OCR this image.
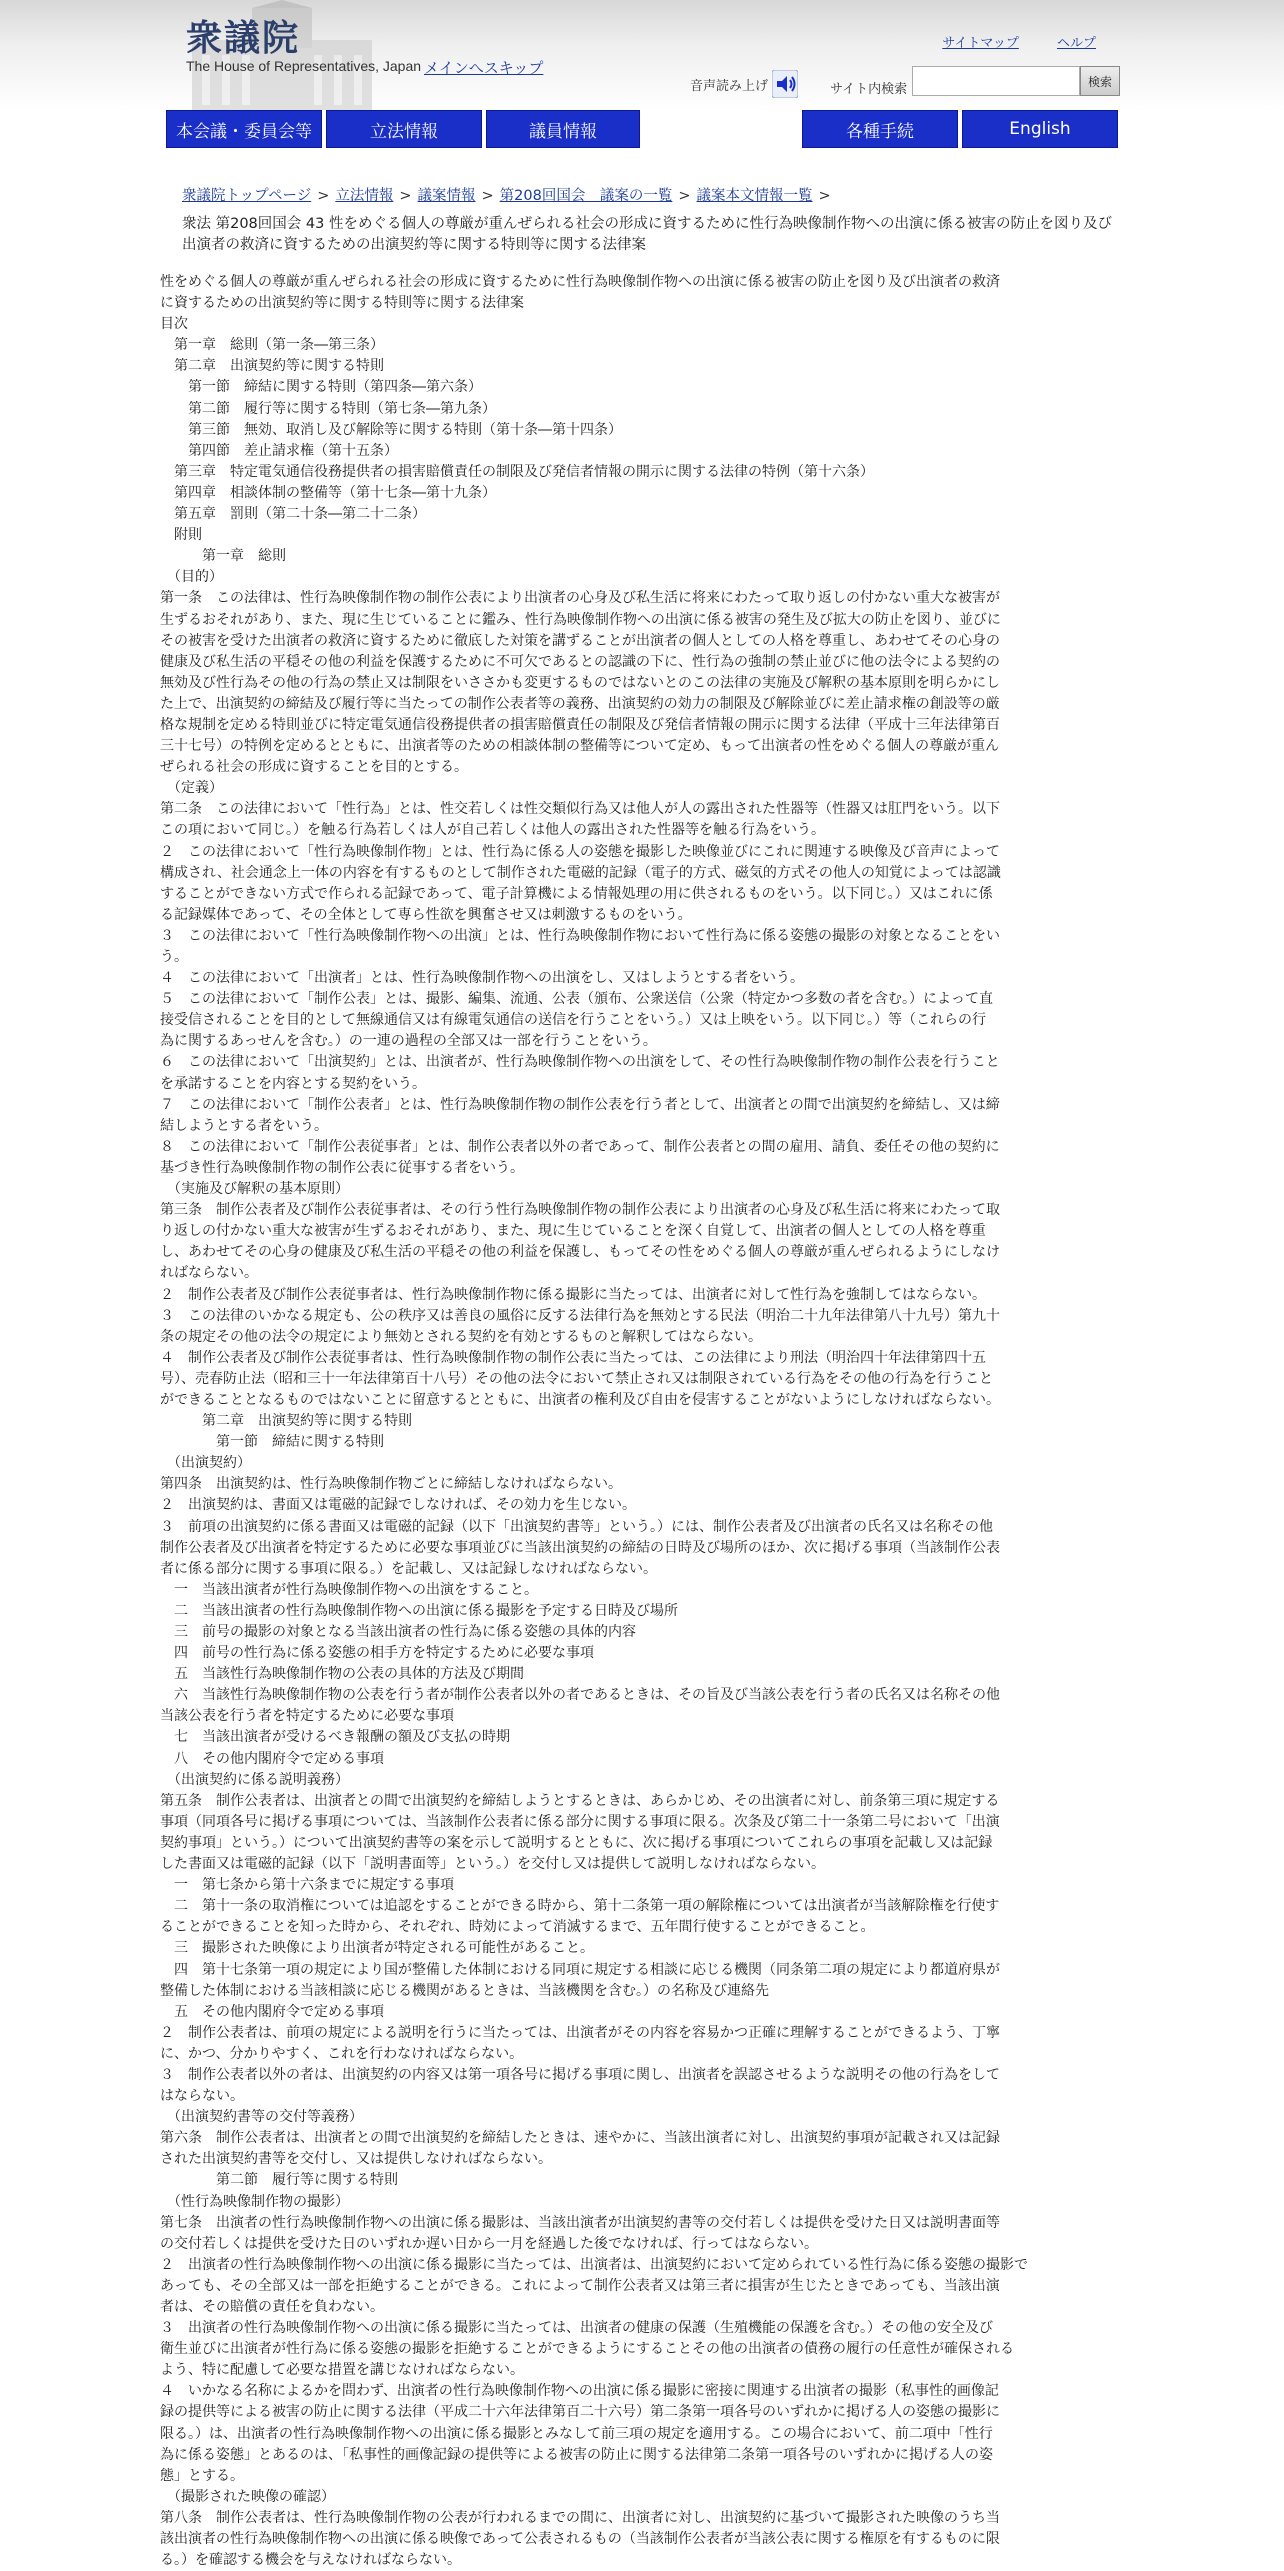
衆議院
The House of Representatives, Japan メインへスキップ
サイトマップ	ヘルプ
音声読み上げ	サイト内検索
検索
本会議・委員会等	立法情報	議員情報	各種手続	English
衆議院トップページ > 立法情報 > 議案情報 > 第208回国会　議案の一覧 > 議案本文情報一覧 >
衆法 第208回国会 43 性をめぐる個人の尊厳が重んぜられる社会の形成に資するために性行為映像制作物への出演に係る被害の防止を図り及び出演者の救済に資するための出演契約等に関する特則等に関する法律案

性をめぐる個人の尊厳が重んぜられる社会の形成に資するために性行為映像制作物への出演に係る被害の防止を図り及び出演者の救済

に資するための出演契約等に関する特則等に関する法律案

目次

　第一章　総則（第一条―第三条）

　第二章　出演契約等に関する特則

　　第一節　締結に関する特則（第四条―第六条）

　　第二節　履行等に関する特則（第七条―第九条）

　　第三節　無効、取消し及び解除等に関する特則（第十条―第十四条）

　　第四節　差止請求権（第十五条）

　第三章　特定電気通信役務提供者の損害賠償責任の制限及び発信者情報の開示に関する法律の特例（第十六条）

　第四章　相談体制の整備等（第十七条―第十九条）

　第五章　罰則（第二十条―第二十二条）

　附則

　　　第一章　総則

　（目的）

第一条　この法律は、性行為映像制作物の制作公表により出演者の心身及び私生活に将来にわたって取り返しの付かない重大な被害が

生ずるおそれがあり、また、現に生じていることに鑑み、性行為映像制作物への出演に係る被害の発生及び拡大の防止を図り、並びに

その被害を受けた出演者の救済に資するために徹底した対策を講ずることが出演者の個人としての人格を尊重し、あわせてその心身の

健康及び私生活の平穏その他の利益を保護するために不可欠であるとの認識の下に、性行為の強制の禁止並びに他の法令による契約の

無効及び性行為その他の行為の禁止又は制限をいささかも変更するものではないとのこの法律の実施及び解釈の基本原則を明らかにし

た上で、出演契約の締結及び履行等に当たっての制作公表者等の義務、出演契約の効力の制限及び解除並びに差止請求権の創設等の厳

格な規制を定める特則並びに特定電気通信役務提供者の損害賠償責任の制限及び発信者情報の開示に関する法律（平成十三年法律第百

三十七号）の特例を定めるとともに、出演者等のための相談体制の整備等について定め、もって出演者の性をめぐる個人の尊厳が重ん

ぜられる社会の形成に資することを目的とする。

　（定義）

第二条　この法律において「性行為」とは、性交若しくは性交類似行為又は他人が人の露出された性器等（性器又は肛門をいう。以下

この項において同じ。）を触る行為若しくは人が自己若しくは他人の露出された性器等を触る行為をいう。

２　この法律において「性行為映像制作物」とは、性行為に係る人の姿態を撮影した映像並びにこれに関連する映像及び音声によって

構成され、社会通念上一体の内容を有するものとして制作された電磁的記録（電子的方式、磁気的方式その他人の知覚によっては認識

することができない方式で作られる記録であって、電子計算機による情報処理の用に供されるものをいう。以下同じ。）又はこれに係

る記録媒体であって、その全体として専ら性欲を興奮させ又は刺激するものをいう。

３　この法律において「性行為映像制作物への出演」とは、性行為映像制作物において性行為に係る姿態の撮影の対象となることをい

う。

４　この法律において「出演者」とは、性行為映像制作物への出演をし、又はしようとする者をいう。

５　この法律において「制作公表」とは、撮影、編集、流通、公表（頒布、公衆送信（公衆（特定かつ多数の者を含む。）によって直

接受信されることを目的として無線通信又は有線電気通信の送信を行うことをいう。）又は上映をいう。以下同じ。）等（これらの行

為に関するあっせんを含む。）の一連の過程の全部又は一部を行うことをいう。

６　この法律において「出演契約」とは、出演者が、性行為映像制作物への出演をして、その性行為映像制作物の制作公表を行うこと

を承諾することを内容とする契約をいう。

７　この法律において「制作公表者」とは、性行為映像制作物の制作公表を行う者として、出演者との間で出演契約を締結し、又は締

結しようとする者をいう。

８　この法律において「制作公表従事者」とは、制作公表者以外の者であって、制作公表者との間の雇用、請負、委任その他の契約に

基づき性行為映像制作物の制作公表に従事する者をいう。

　（実施及び解釈の基本原則）

第三条　制作公表者及び制作公表従事者は、その行う性行為映像制作物の制作公表により出演者の心身及び私生活に将来にわたって取

り返しの付かない重大な被害が生ずるおそれがあり、また、現に生じていることを深く自覚して、出演者の個人としての人格を尊重

し、あわせてその心身の健康及び私生活の平穏その他の利益を保護し、もってその性をめぐる個人の尊厳が重んぜられるようにしなけ

ればならない。

２　制作公表者及び制作公表従事者は、性行為映像制作物に係る撮影に当たっては、出演者に対して性行為を強制してはならない。

３　この法律のいかなる規定も、公の秩序又は善良の風俗に反する法律行為を無効とする民法（明治二十九年法律第八十九号）第九十

条の規定その他の法令の規定により無効とされる契約を有効とするものと解釈してはならない。

４　制作公表者及び制作公表従事者は、性行為映像制作物の制作公表に当たっては、この法律により刑法（明治四十年法律第四十五

号）、売春防止法（昭和三十一年法律第百十八号）その他の法令において禁止され又は制限されている行為をその他の行為を行うこと

ができることとなるものではないことに留意するとともに、出演者の権利及び自由を侵害することがないようにしなければならない。

　　　第二章　出演契約等に関する特則

　　　　第一節　締結に関する特則

　（出演契約）

第四条　出演契約は、性行為映像制作物ごとに締結しなければならない。

２　出演契約は、書面又は電磁的記録でしなければ、その効力を生じない。

３　前項の出演契約に係る書面又は電磁的記録（以下「出演契約書等」という。）には、制作公表者及び出演者の氏名又は名称その他

制作公表者及び出演者を特定するために必要な事項並びに当該出演契約の締結の日時及び場所のほか、次に掲げる事項（当該制作公表

者に係る部分に関する事項に限る。）を記載し、又は記録しなければならない。

　一　当該出演者が性行為映像制作物への出演をすること。

　二　当該出演者の性行為映像制作物への出演に係る撮影を予定する日時及び場所

　三　前号の撮影の対象となる当該出演者の性行為に係る姿態の具体的内容

　四　前号の性行為に係る姿態の相手方を特定するために必要な事項

　五　当該性行為映像制作物の公表の具体的方法及び期間

　六　当該性行為映像制作物の公表を行う者が制作公表者以外の者であるときは、その旨及び当該公表を行う者の氏名又は名称その他

当該公表を行う者を特定するために必要な事項

　七　当該出演者が受けるべき報酬の額及び支払の時期

　八　その他内閣府令で定める事項

　（出演契約に係る説明義務）

第五条　制作公表者は、出演者との間で出演契約を締結しようとするときは、あらかじめ、その出演者に対し、前条第三項に規定する

事項（同項各号に掲げる事項については、当該制作公表者に係る部分に関する事項に限る。次条及び第二十一条第二号において「出演

契約事項」という。）について出演契約書等の案を示して説明するとともに、次に掲げる事項についてこれらの事項を記載し又は記録

した書面又は電磁的記録（以下「説明書面等」という。）を交付し又は提供して説明しなければならない。

　一　第七条から第十六条までに規定する事項

　二　第十一条の取消権については追認をすることができる時から、第十二条第一項の解除権については出演者が当該解除権を行使す

ることができることを知った時から、それぞれ、時効によって消滅するまで、五年間行使することができること。

　三　撮影された映像により出演者が特定される可能性があること。

　四　第十七条第一項の規定により国が整備した体制における同項に規定する相談に応じる機関（同条第二項の規定により都道府県が

整備した体制における当該相談に応じる機関があるときは、当該機関を含む。）の名称及び連絡先

　五　その他内閣府令で定める事項

２　制作公表者は、前項の規定による説明を行うに当たっては、出演者がその内容を容易かつ正確に理解することができるよう、丁寧

に、かつ、分かりやすく、これを行わなければならない。

３　制作公表者以外の者は、出演契約の内容又は第一項各号に掲げる事項に関し、出演者を誤認させるような説明その他の行為をして

はならない。

　（出演契約書等の交付等義務）

第六条　制作公表者は、出演者との間で出演契約を締結したときは、速やかに、当該出演者に対し、出演契約事項が記載され又は記録

された出演契約書等を交付し、又は提供しなければならない。

　　　　第二節　履行等に関する特則

　（性行為映像制作物の撮影）

第七条　出演者の性行為映像制作物への出演に係る撮影は、当該出演者が出演契約書等の交付若しくは提供を受けた日又は説明書面等

の交付若しくは提供を受けた日のいずれか遅い日から一月を経過した後でなければ、行ってはならない。

２　出演者の性行為映像制作物への出演に係る撮影に当たっては、出演者は、出演契約において定められている性行為に係る姿態の撮影で

あっても、その全部又は一部を拒絶することができる。これによって制作公表者又は第三者に損害が生じたときであっても、当該出演

者は、その賠償の責任を負わない。

３　出演者の性行為映像制作物への出演に係る撮影に当たっては、出演者の健康の保護（生殖機能の保護を含む。）その他の安全及び

衛生並びに出演者が性行為に係る姿態の撮影を拒絶することができるようにすることその他の出演者の債務の履行の任意性が確保される

よう、特に配慮して必要な措置を講じなければならない。

４　いかなる名称によるかを問わず、出演者の性行為映像制作物への出演に係る撮影に密接に関連する出演者の撮影（私事性的画像記

録の提供等による被害の防止に関する法律（平成二十六年法律第百二十六号）第二条第一項各号のいずれかに掲げる人の姿態の撮影に

限る。）は、出演者の性行為映像制作物への出演に係る撮影とみなして前三項の規定を適用する。この場合において、前二項中「性行

為に係る姿態」とあるのは、「私事性的画像記録の提供等による被害の防止に関する法律第二条第一項各号のいずれかに掲げる人の姿

態」とする。

　（撮影された映像の確認）

第八条　制作公表者は、性行為映像制作物の公表が行われるまでの間に、出演者に対し、出演契約に基づいて撮影された映像のうち当

該出演者の性行為映像制作物への出演に係る映像であって公表されるもの（当該制作公表者が当該公表に関する権原を有するものに限

る。）を確認する機会を与えなければならない。
